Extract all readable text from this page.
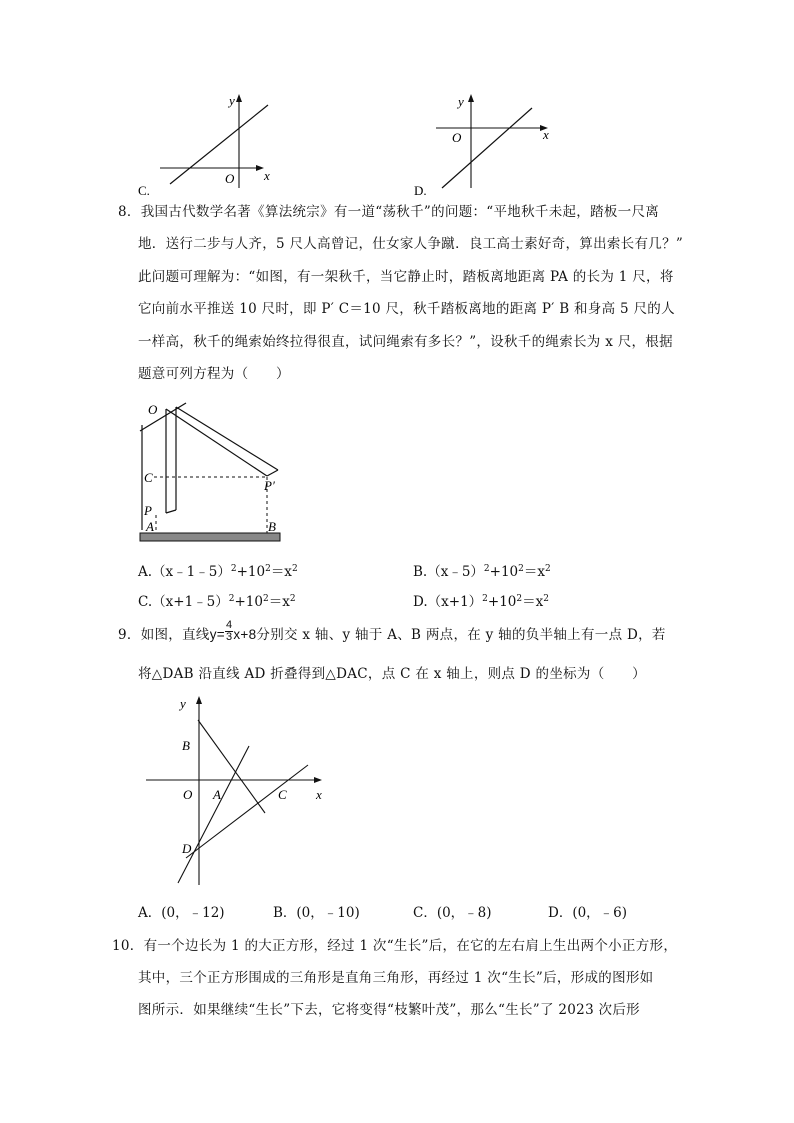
C.
y
x
O
D.
y
x
O
8．我国古代数学名著《算法统宗》有一道“荡秋千”的问题：“平地秋千未起，踏板一尺离
地．送行二步与人齐，5 尺人高曾记，仕女家人争蹴．良工高士素好奇，算出索长有几？”
此问题可理解为：“如图，有一架秋千，当它静止时，踏板离地距离 PA 的长为 1 尺，将
它向前水平推送 10 尺时，即 P′ C＝10 尺，秋千踏板离地的距离 P′ B 和身高 5 尺的人
一样高，秋千的绳索始终拉得很直，试问绳索有多长？”，设秋千的绳索长为 x 尺，根据
题意可列方程为（　　）
O
C
P
A	B
P′
$A.(x﹣1﹣5)^2+10^2=x^2$	$B.(x﹣5)^2+10^2=x^2$
$C.(x+1﹣5)^2+10^2=x^2$	$D.(x+1)^2+10^2=x^2$
9．如图，直线$y= \frac{4}{3} x+8$分别交 x 轴、y 轴于 A、B 两点，在 y 轴的负半轴上有一点 D，若
将△DAB 沿直线 AD 折叠得到△DAC，点 C 在 x 轴上，则点 D 的坐标为（　　）
y
x
B
O A	C
D
A．(0，﹣12)	B．(0，﹣10)	C．(0，﹣8)	D．(0，﹣6)
10．有一个边长为 1 的大正方形，经过 1 次“生长”后，在它的左右肩上生出两个小正方形，
其中，三个正方形围成的三角形是直角三角形，再经过 1 次“生长”后，形成的图形如
图所示．如果继续“生长”下去，它将变得“枝繁叶茂”，那么“生长”了 2023 次后形
